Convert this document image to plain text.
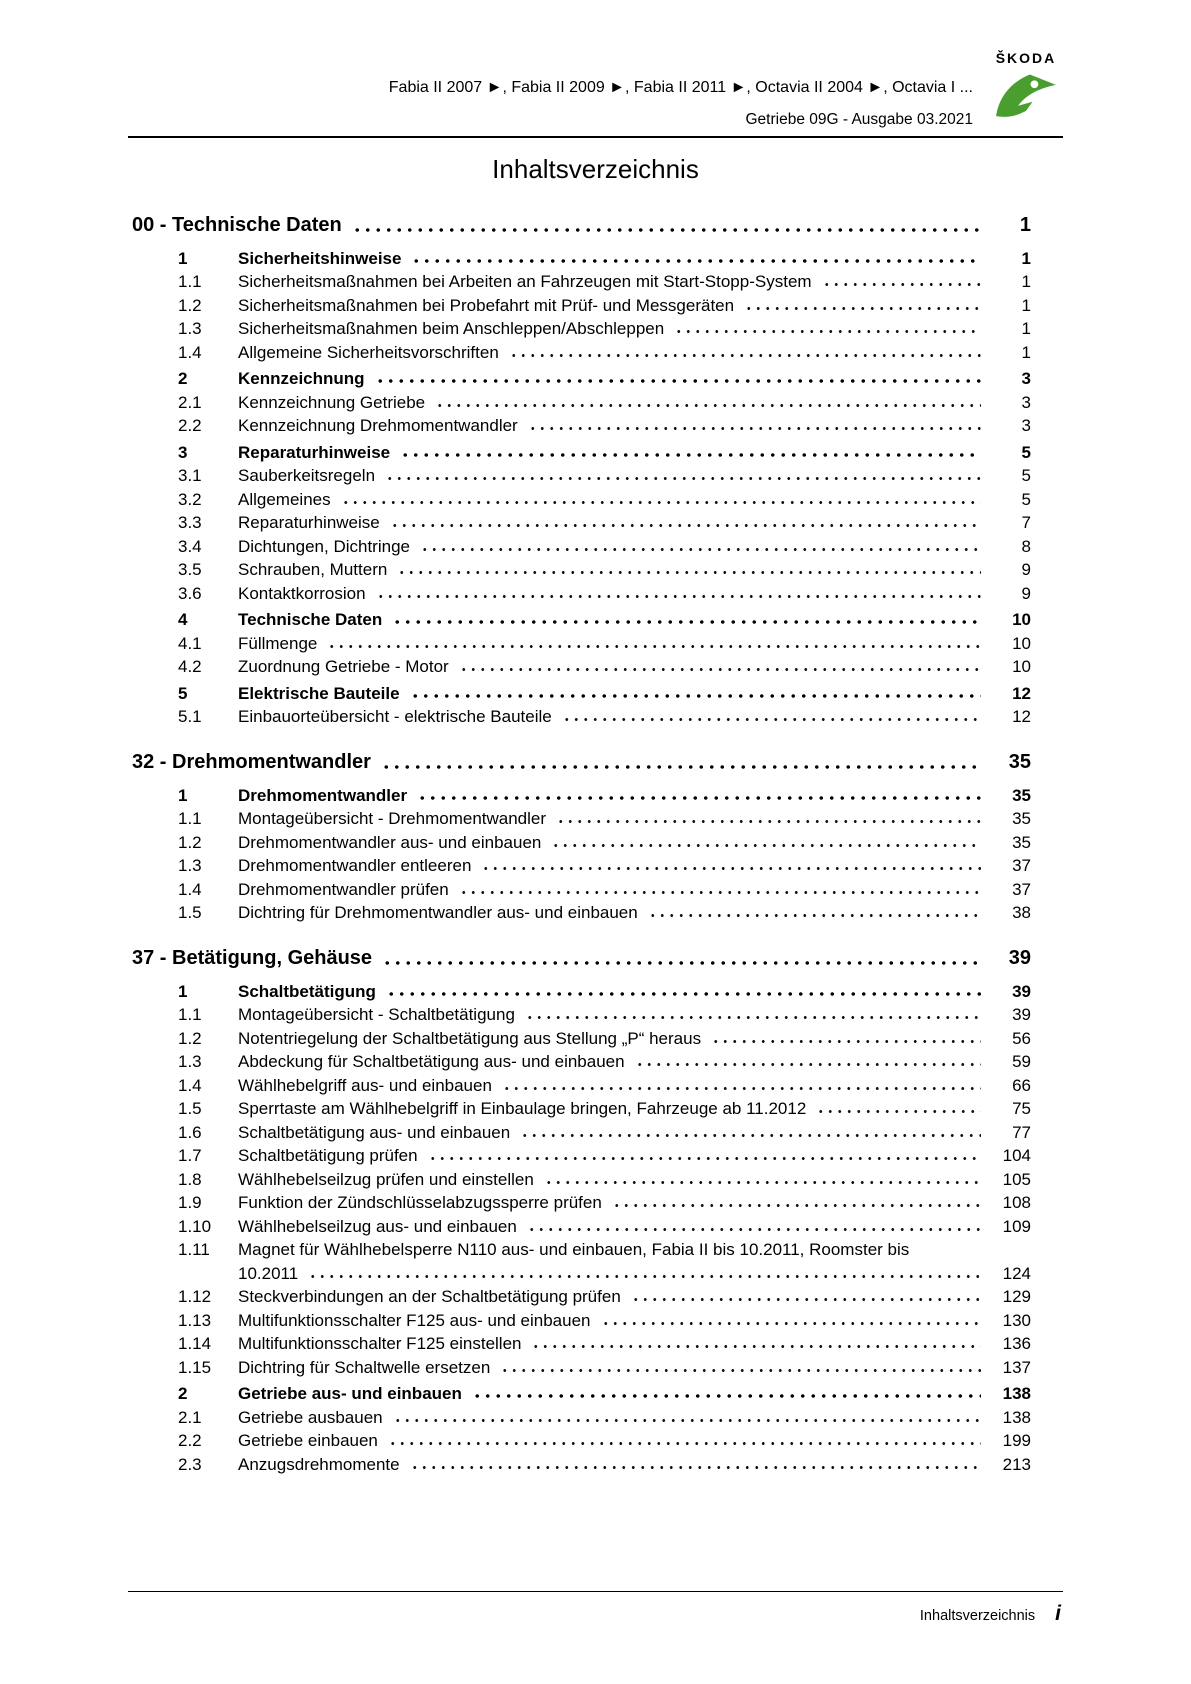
Fabia II 2007 ►, Fabia II 2009 ►, Fabia II 2011 ►, Octavia II 2004 ►, Octavia I ...
Getriebe 09G - Ausgabe 03.2021
ŠKODA
Inhaltsverzeichnis
00 - Technische Daten	1
1	Sicherheitshinweise	1
1.1	Sicherheitsmaßnahmen bei Arbeiten an Fahrzeugen mit Start-Stopp-System	1
1.2	Sicherheitsmaßnahmen bei Probefahrt mit Prüf- und Messgeräten	1
1.3	Sicherheitsmaßnahmen beim Anschleppen/Abschleppen	1
1.4	Allgemeine Sicherheitsvorschriften	1
2	Kennzeichnung	3
2.1	Kennzeichnung Getriebe	3
2.2	Kennzeichnung Drehmomentwandler	3
3	Reparaturhinweise	5
3.1	Sauberkeitsregeln	5
3.2	Allgemeines	5
3.3	Reparaturhinweise	7
3.4	Dichtungen, Dichtringe	8
3.5	Schrauben, Muttern	9
3.6	Kontaktkorrosion	9
4	Technische Daten	10
4.1	Füllmenge	10
4.2	Zuordnung Getriebe - Motor	10
5	Elektrische Bauteile	12
5.1	Einbauorteübersicht - elektrische Bauteile	12
32 - Drehmomentwandler	35
1	Drehmomentwandler	35
1.1	Montageübersicht - Drehmomentwandler	35
1.2	Drehmomentwandler aus- und einbauen	35
1.3	Drehmomentwandler entleeren	37
1.4	Drehmomentwandler prüfen	37
1.5	Dichtring für Drehmomentwandler aus- und einbauen	38
37 - Betätigung, Gehäuse	39
1	Schaltbetätigung	39
1.1	Montageübersicht - Schaltbetätigung	39
1.2	Notentriegelung der Schaltbetätigung aus Stellung „P“ heraus	56
1.3	Abdeckung für Schaltbetätigung aus- und einbauen	59
1.4	Wählhebelgriff aus- und einbauen	66
1.5	Sperrtaste am Wählhebelgriff in Einbaulage bringen, Fahrzeuge ab 11.2012	75
1.6	Schaltbetätigung aus- und einbauen	77
1.7	Schaltbetätigung prüfen	104
1.8	Wählhebelseilzug prüfen und einstellen	105
1.9	Funktion der Zündschlüsselabzugssperre prüfen	108
1.10	Wählhebelseilzug aus- und einbauen	109
1.11	Magnet für Wählhebelsperre N110 aus- und einbauen, Fabia II bis 10.2011, Roomster bis
10.2011	124
1.12	Steckverbindungen an der Schaltbetätigung prüfen	129
1.13	Multifunktionsschalter F125 aus- und einbauen	130
1.14	Multifunktionsschalter F125 einstellen	136
1.15	Dichtring für Schaltwelle ersetzen	137
2	Getriebe aus- und einbauen	138
2.1	Getriebe ausbauen	138
2.2	Getriebe einbauen	199
2.3	Anzugsdrehmomente	213
Inhaltsverzeichnis i
